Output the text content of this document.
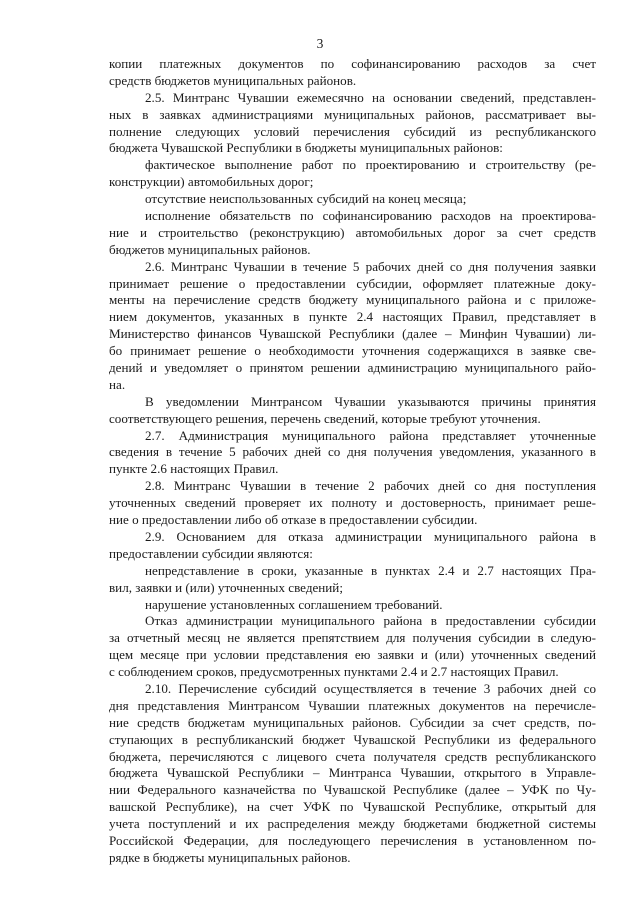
3
копии платежных документов по софинансированию расходов за счет
средств бюджетов муниципальных районов.
2.5. Минтранс Чувашии ежемесячно на основании сведений, представлен-
ных в заявках администрациями муниципальных районов, рассматривает вы-
полнение следующих условий перечисления субсидий из республиканского
бюджета Чувашской Республики в бюджеты муниципальных районов:
фактическое выполнение работ по проектированию и строительству (ре-
конструкции) автомобильных дорог;
отсутствие неиспользованных субсидий на конец месяца;
исполнение обязательств по софинансированию расходов на проектирова-
ние и строительство (реконструкцию) автомобильных дорог за счет средств
бюджетов муниципальных районов.
2.6. Минтранс Чувашии в течение 5 рабочих дней со дня получения заявки
принимает решение о предоставлении субсидии, оформляет платежные доку-
менты на перечисление средств бюджету муниципального района и с приложе-
нием документов, указанных в пункте 2.4 настоящих Правил, представляет в
Министерство финансов Чувашской Республики (далее – Минфин Чувашии) ли-
бо принимает решение о необходимости уточнения содержащихся в заявке све-
дений и уведомляет о принятом решении администрацию муниципального райо-
на.
В уведомлении Минтрансом Чувашии указываются причины принятия
соответствующего решения, перечень сведений, которые требуют уточнения.
2.7. Администрация муниципального района представляет уточненные
сведения в течение 5 рабочих дней со дня получения уведомления, указанного в
пункте 2.6 настоящих Правил.
2.8. Минтранс Чувашии в течение 2 рабочих дней со дня поступления
уточненных сведений проверяет их полноту и достоверность, принимает реше-
ние о предоставлении либо об отказе в предоставлении субсидии.
2.9. Основанием для отказа администрации муниципального района в
предоставлении субсидии являются:
непредставление в сроки, указанные в пунктах 2.4 и 2.7 настоящих Пра-
вил, заявки и (или) уточненных сведений;
нарушение установленных соглашением требований.
Отказ администрации муниципального района в предоставлении субсидии
за отчетный месяц не является препятствием для получения субсидии в следую-
щем месяце при условии представления ею заявки и (или) уточненных сведений
с соблюдением сроков, предусмотренных пунктами 2.4 и 2.7 настоящих Правил.
2.10. Перечисление субсидий осуществляется в течение 3 рабочих дней со
дня представления Минтрансом Чувашии платежных документов на перечисле-
ние средств бюджетам муниципальных районов. Субсидии за счет средств, по-
ступающих в республиканский бюджет Чувашской Республики из федерального
бюджета, перечисляются с лицевого счета получателя средств республиканского
бюджета Чувашской Республики – Минтранса Чувашии, открытого в Управле-
нии Федерального казначейства по Чувашской Республике (далее – УФК по Чу-
вашской Республике), на счет УФК по Чувашской Республике, открытый для
учета поступлений и их распределения между бюджетами бюджетной системы
Российской Федерации, для последующего перечисления в установленном по-
рядке в бюджеты муниципальных районов.
